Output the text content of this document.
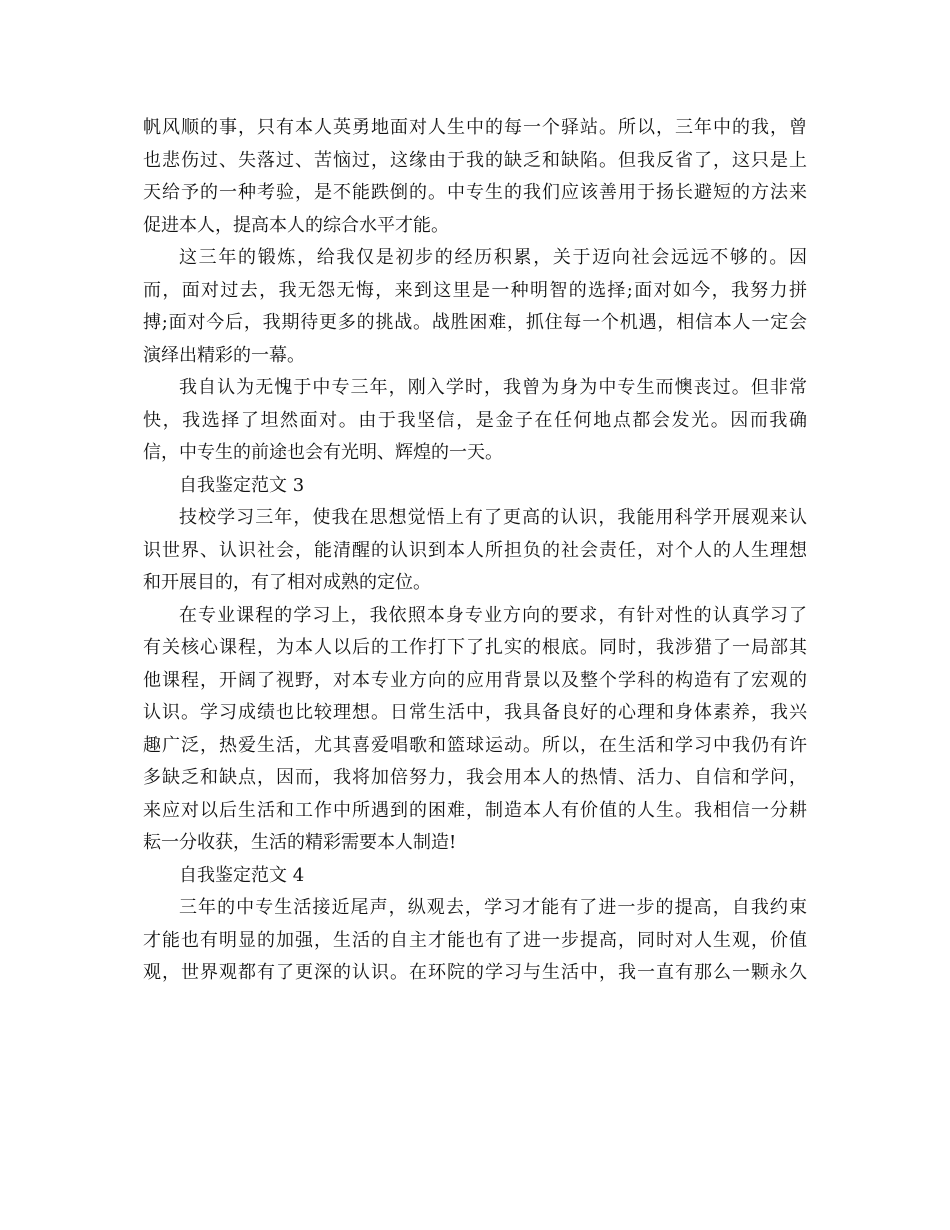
帆风顺的事，只有本人英勇地面对人生中的每一个驿站。所以，三年中的我，曾
也悲伤过、失落过、苦恼过，这缘由于我的缺乏和缺陷。但我反省了，这只是上
天给予的一种考验，是不能跌倒的。中专生的我们应该善用于扬长避短的方法来
促进本人，提高本人的综合水平才能。
这三年的锻炼，给我仅是初步的经历积累，关于迈向社会远远不够的。因
而，面对过去，我无怨无悔，来到这里是一种明智的选择;面对如今，我努力拼
搏;面对今后，我期待更多的挑战。战胜困难，抓住每一个机遇，相信本人一定会
演绎出精彩的一幕。
我自认为无愧于中专三年，刚入学时，我曾为身为中专生而懊丧过。但非常
快，我选择了坦然面对。由于我坚信，是金子在任何地点都会发光。因而我确
信，中专生的前途也会有光明、辉煌的一天。
自我鉴定范文 3
技校学习三年，使我在思想觉悟上有了更高的认识，我能用科学开展观来认
识世界、认识社会，能清醒的认识到本人所担负的社会责任，对个人的人生理想
和开展目的，有了相对成熟的定位。
在专业课程的学习上，我依照本身专业方向的要求，有针对性的认真学习了
有关核心课程，为本人以后的工作打下了扎实的根底。同时，我涉猎了一局部其
他课程，开阔了视野，对本专业方向的应用背景以及整个学科的构造有了宏观的
认识。学习成绩也比较理想。日常生活中，我具备良好的心理和身体素养，我兴
趣广泛，热爱生活，尤其喜爱唱歌和篮球运动。所以，在生活和学习中我仍有许
多缺乏和缺点，因而，我将加倍努力，我会用本人的热情、活力、自信和学问，
来应对以后生活和工作中所遇到的困难，制造本人有价值的人生。我相信一分耕
耘一分收获，生活的精彩需要本人制造!
自我鉴定范文 4
三年的中专生活接近尾声，纵观去，学习才能有了进一步的提高，自我约束
才能也有明显的加强，生活的自主才能也有了进一步提高，同时对人生观，价值
观，世界观都有了更深的认识。在环院的学习与生活中，我一直有那么一颗永久
